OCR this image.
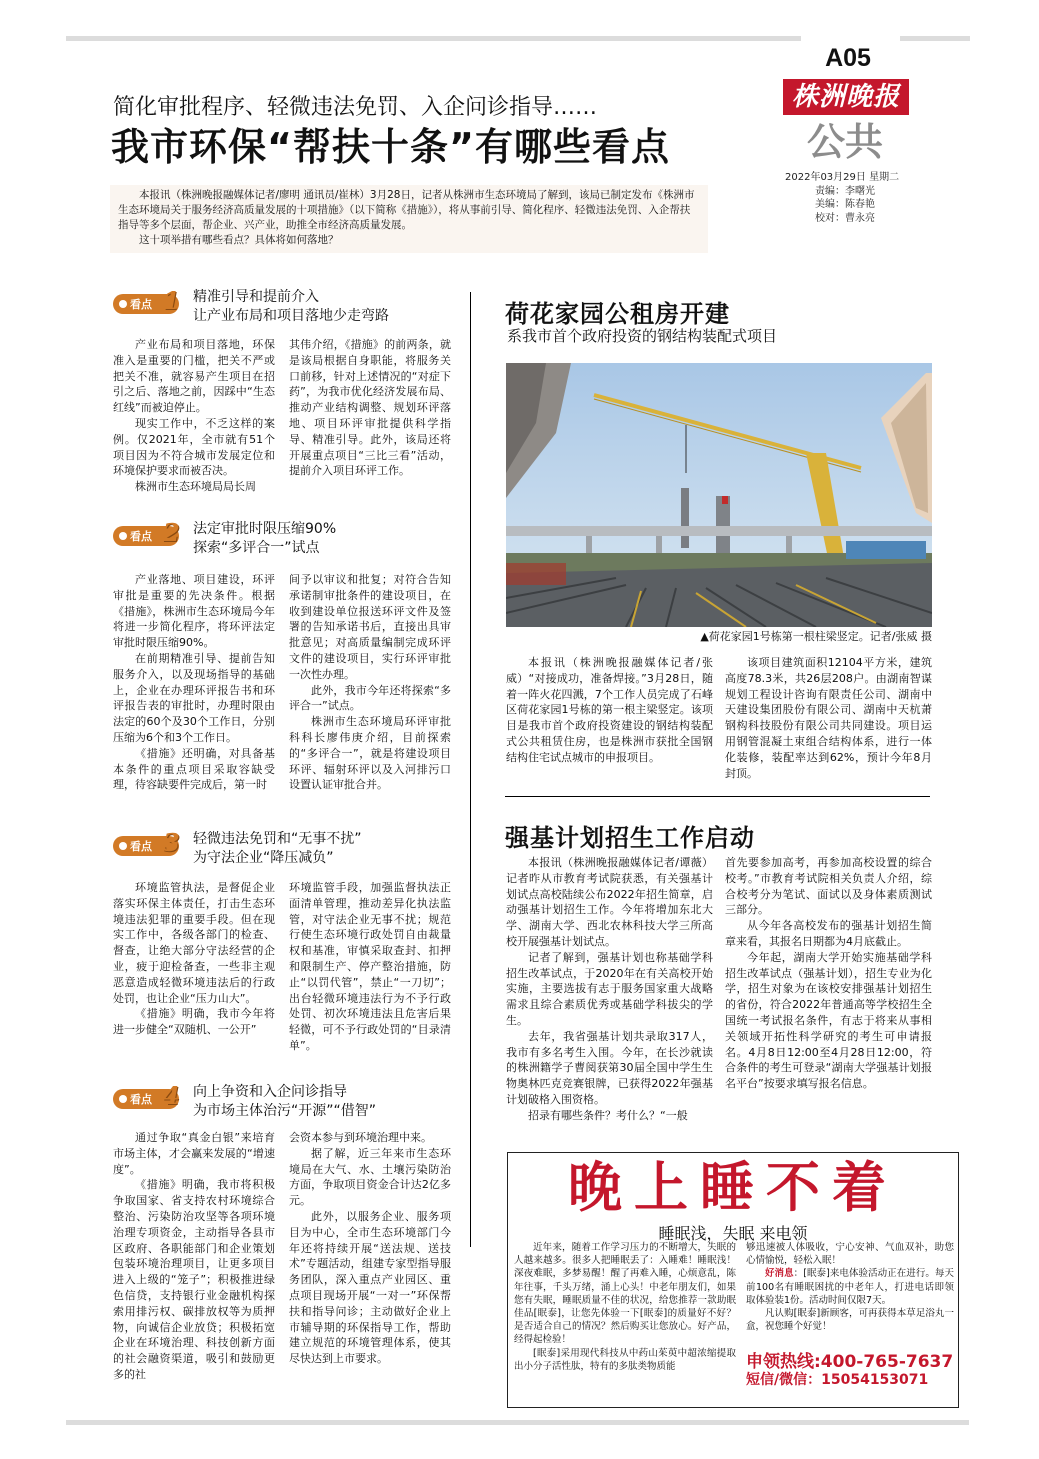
A05
株洲晚报
公共
2022年03月29日 星期二
责编：李曙光
美编：陈春艳
校对：曹永亮
简化审批程序、轻微违法免罚、入企问诊指导……
我市环保“帮扶十条”有哪些看点

本报讯（株洲晚报融媒体记者/廖明 通讯员/崔林）3月28日，记者从株洲市生态环境局了解到，该局已制定发布《株洲市生态环境局关于服务经济高质量发展的十项措施》（以下简称《措施》），将从事前引导、简化程序、轻微违法免罚、入企帮扶指导等多个层面，帮企业、兴产业，助推全市经济高质量发展。

这十项举措有哪些看点？具体将如何落地？

看点 1 精准引导和提前介入
让产业布局和项目落地少走弯路

产业布局和项目落地，环保准入是重要的门槛，把关不严或把关不准，就容易产生项目在招引之后、落地之前，因踩中“生态红线”而被迫停止。

现实工作中，不乏这样的案例。仅2021年，全市就有51个项目因为不符合城市发展定位和环境保护要求而被否决。

株洲市生态环境局局长周

其伟介绍，《措施》的前两条，就是该局根据自身职能，将服务关口前移，针对上述情况的“对症下药”，为我市优化经济发展布局、推动产业结构调整、规划环评落地、项目环评审批提供科学指导、精准引导。此外，该局还将开展重点项目“三比三看”活动，提前介入项目环评工作。

看点 2 法定审批时限压缩90%
探索“多评合一”试点

产业落地、项目建设，环评审批是重要的先决条件。根据《措施》，株洲市生态环境局今年将进一步简化程序，将环评法定审批时限压缩90%。

在前期精准引导、提前告知服务介入，以及现场指导的基础上，企业在办理环评报告书和环评报告表的审批时，办理时限由法定的60个及30个工作日，分别压缩为6个和3个工作日。

《措施》还明确，对具备基本条件的重点项目采取容缺受理，待容缺要件完成后，第一时

间予以审议和批复；对符合告知承诺制审批条件的建设项目，在收到建设单位报送环评文件及签署的告知承诺书后，直接出具审批意见；对高质量编制完成环评文件的建设项目，实行环评审批一次性办理。

此外，我市今年还将探索“多评合一”试点。

株洲市生态环境局环评审批科科长廖伟庚介绍，目前探索的“多评合一”，就是将建设项目环评、辐射环评以及入河排污口设置认证审批合并。

看点 3 轻微违法免罚和“无事不扰”
为守法企业“降压减负”

环境监管执法，是督促企业落实环保主体责任，打击生态环境违法犯罪的重要手段。但在现实工作中，各级各部门的检查、督查，让绝大部分守法经营的企业，疲于迎检备查，一些非主观恶意造成轻微环境违法后的行政处罚，也让企业“压力山大”。

《措施》明确，我市今年将进一步健全“双随机、一公开”

环境监管手段，加强监督执法正面清单管理，推动差异化执法监管，对守法企业无事不扰；规范行使生态环境行政处罚自由裁量权和基准，审慎采取查封、扣押和限制生产、停产整治措施，防止“以罚代管”，禁止“一刀切”；出台轻微环境违法行为不予行政处罚、初次环境违法且危害后果轻微，可不予行政处罚的“目录清单”。

看点 4 向上争资和入企问诊指导
为市场主体治污“开源”“借智”

通过争取“真金白银”来培育市场主体，才会赢来发展的“增速度”。

《措施》明确，我市将积极争取国家、省支持农村环境综合整治、污染防治攻坚等各项环境治理专项资金，主动指导各县市区政府、各职能部门和企业策划包装环境治理项目，让更多项目进入上级的“笼子”；积极推进绿色信贷，支持银行业金融机构探索用排污权、碳排放权等为质押物，向诚信企业放贷；积极拓宽企业在环境治理、科技创新方面的社会融资渠道，吸引和鼓励更多的社

会资本参与到环境治理中来。

据了解，近三年来市生态环境局在大气、水、土壤污染防治方面，争取项目资金合计达2亿多元。

此外，以服务企业、服务项目为中心，全市生态环境部门今年还将持续开展“送法规、送技术”专题活动，组建专家型指导服务团队，深入重点产业园区、重点项目现场开展“一对一”环保帮扶和指导问诊；主动做好企业上市辅导期的环保指导工作，帮助建立规范的环境管理体系，使其尽快达到上市要求。

荷花家园公租房开建
系我市首个政府投资的钢结构装配式项目
▲荷花家园1号栋第一根柱梁竖定。记者/张威 摄

本报讯（株洲晚报融媒体记者/张威）“对接成功，准备焊接。”3月28日，随着一阵火花四溅，7个工作人员完成了石峰区荷花家园1号栋的第一根主梁竖定。该项目是我市首个政府投资建设的钢结构装配式公共租赁住房，也是株洲市获批全国钢结构住宅试点城市的申报项目。

该项目建筑面积12104平方米，建筑高度78.3米，共26层208户。由湖南智谋规划工程设计咨询有限责任公司、湖南中天建设集团股份有限公司、湖南中天杭萧钢构科技股份有限公司共同建设。项目运用钢管混凝土束组合结构体系，进行一体化装修，装配率达到62%，预计今年8月封顶。

强基计划招生工作启动

本报讯（株洲晚报融媒体记者/谭薇）记者昨从市教育考试院获悉，有关强基计划试点高校陆续公布2022年招生简章，启动强基计划招生工作。今年将增加东北大学、湖南大学、西北农林科技大学三所高校开展强基计划试点。

记者了解到，强基计划也称基础学科招生改革试点，于2020年在有关高校开始实施，主要选拔有志于服务国家重大战略需求且综合素质优秀或基础学科拔尖的学生。

去年，我省强基计划共录取317人，我市有多名考生入围。今年，在长沙就读的株洲籍学子曹阅获第30届全国中学生生物奥林匹克竞赛银牌，已获得2022年强基计划破格入围资格。

招录有哪些条件？考什么？“一般

首先要参加高考，再参加高校设置的综合校考。”市教育考试院相关负责人介绍，综合校考分为笔试、面试以及身体素质测试三部分。

从今年各高校发布的强基计划招生简章来看，其报名日期都为4月底截止。

今年起，湖南大学开始实施基础学科招生改革试点（强基计划），招生专业为化学，招生对象为在该校安排强基计划招生的省份，符合2022年普通高等学校招生全国统一考试报名条件，有志于将来从事相关领域开拓性科学研究的考生可申请报名。4月8日12:00至4月28日12:00，符合条件的考生可登录“湖南大学强基计划报名平台”按要求填写报名信息。

晚上睡不着
睡眠浅，失眠 来电领

近年来，随着工作学习压力的不断增大，失眠的人越来越多。很多人把睡眠丢了：入睡难！睡眠浅！深夜难眠，多梦易醒！醒了再难入睡，心烦意乱，陈年往事，千头万绪，涌上心头！中老年朋友们，如果您有失眠，睡眠质量不佳的状况，给您推荐一款助眠佳品[眠泰]，让您先体验一下[眠泰]的质量好不好？是否适合自己的情况？然后购买让您放心。好产品，经得起检验！

[眠泰]采用现代科技从中药山茱萸中超浓缩提取出小分子活性肽，特有的多肽类物质能

够迅速被人体吸收，宁心安神、气血双补，助您心情愉悦，轻松入眠！

好消息：[眠泰]来电体验活动正在进行。每天前100名有睡眠困扰的中老年人，打进电话即领取体验装1份。活动时间仅限7天。

凡认购[眠泰]新顾客，可再获得本草足浴丸一盒，祝您睡个好觉！

申领热线:400-765-7637
短信/微信：15054153071
